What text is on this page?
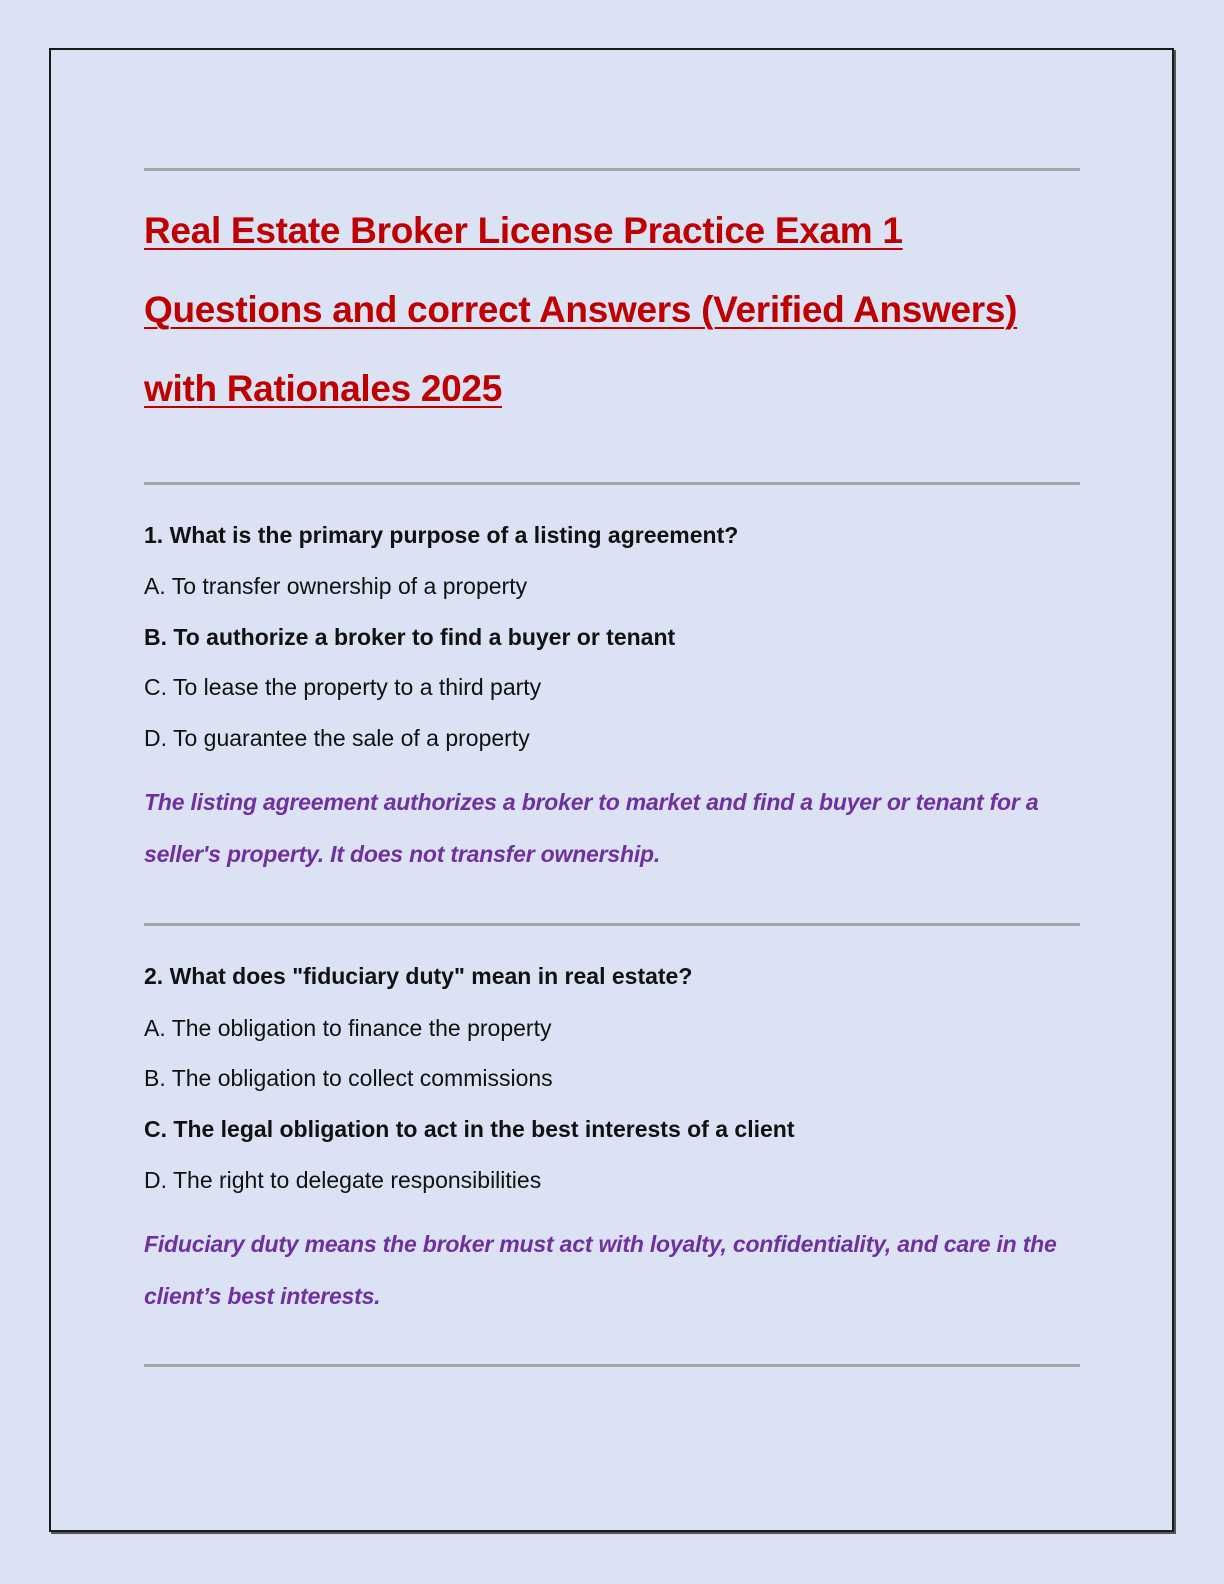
Real Estate Broker License Practice Exam 1
Questions and correct Answers (Verified Answers)
with Rationales 2025
1. What is the primary purpose of a listing agreement?
A. To transfer ownership of a property
B. To authorize a broker to find a buyer or tenant
C. To lease the property to a third party
D. To guarantee the sale of a property
The listing agreement authorizes a broker to market and find a buyer or tenant for a seller's property. It does not transfer ownership.
2. What does "fiduciary duty" mean in real estate?
A. The obligation to finance the property
B. The obligation to collect commissions
C. The legal obligation to act in the best interests of a client
D. The right to delegate responsibilities
Fiduciary duty means the broker must act with loyalty, confidentiality, and care in the client’s best interests.
